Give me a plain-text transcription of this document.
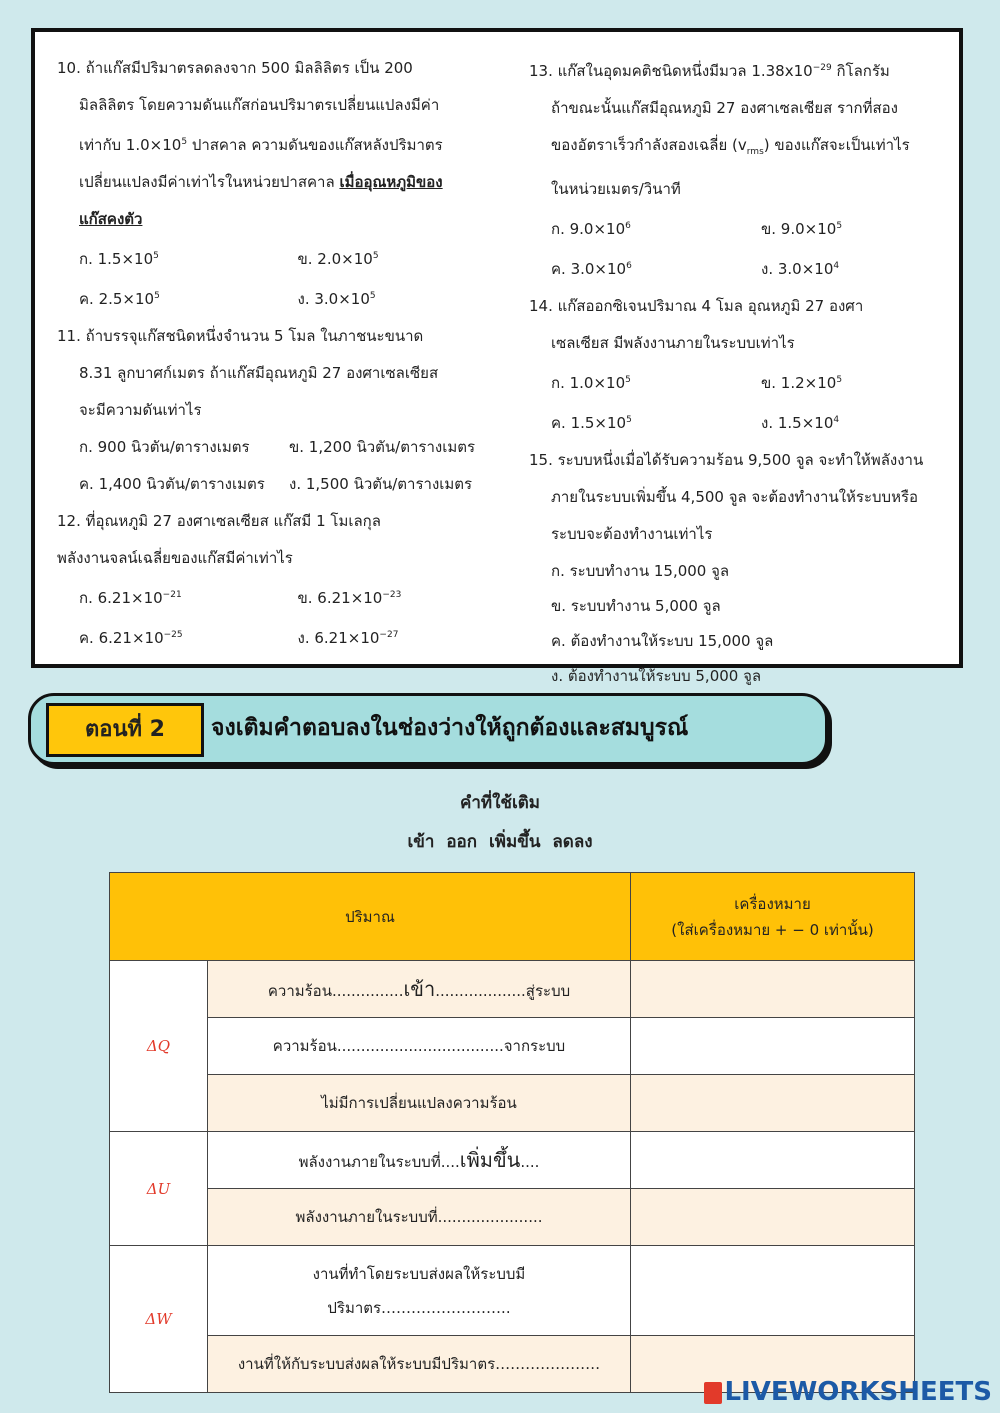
10. ถ้าแก๊สมีปริมาตรลดลงจาก 500 มิลลิลิตร เป็น 200
มิลลิลิตร โดยความดันแก๊สก่อนปริมาตรเปลี่ยนแปลงมีค่า
เท่ากับ $1.0\times 10^5$ ปาสคาล ความดันของแก๊สหลังปริมาตร
เปลี่ยนแปลงมีค่าเท่าไรในหน่วยปาสคาล เมื่ออุณหภูมิของ
แก๊สคงตัว
ก. $1.5\times 10^5$	ข. $2.0\times 10^5$
ค. $2.5\times 10^5$	ง. $3.0\times 10^5$
11. ถ้าบรรจุแก๊สชนิดหนึ่งจำนวน 5 โมล ในภาชนะขนาด
8.31 ลูกบาศก์เมตร ถ้าแก๊สมีอุณหภูมิ 27 องศาเซลเซียส
จะมีความดันเท่าไร
ก. 900 นิวตัน/ตารางเมตร	ข. 1,200 นิวตัน/ตารางเมตร
ค. 1,400 นิวตัน/ตารางเมตร	ง. 1,500 นิวตัน/ตารางเมตร
12. ที่อุณหภูมิ 27 องศาเซลเซียส แก๊สมี 1 โมเลกุล
พลังงานจลน์เฉลี่ยของแก๊สมีค่าเท่าไร
ก. $6.21\times 10^{-21}$	ข. $6.21\times 10^{-23}$
ค. $6.21\times 10^{-25}$	ง. $6.21\times 10^{-27}$
13. แก๊สในอุดมคติชนิดหนึ่งมีมวล $1.38x10^{-29}$ กิโลกรัม
ถ้าขณะนั้นแก๊สมีอุณหภูมิ 27 องศาเซลเซียส รากที่สอง
ของอัตราเร็วกำลังสองเฉลี่ย $(v_{rms})$ ของแก๊สจะเป็นเท่าไร
ในหน่วยเมตร/วินาที
ก. $9.0\times 10^6$	ข. $9.0\times 10^5$
ค. $3.0\times 10^6$	ง. $3.0\times 10^4$
14. แก๊สออกซิเจนปริมาณ 4 โมล อุณหภูมิ 27 องศา
เซลเซียส มีพลังงานภายในระบบเท่าไร
ก. $1.0\times 10^5$	ข. $1.2\times 10^5$
ค. $1.5\times 10^5$	ง. $1.5\times 10^4$
15. ระบบหนึ่งเมื่อได้รับความร้อน 9,500 จูล จะทำให้พลังงาน
ภายในระบบเพิ่มขึ้น 4,500 จูล จะต้องทำงานให้ระบบหรือ
ระบบจะต้องทำงานเท่าไร
ก. ระบบทำงาน 15,000 จูล
ข. ระบบทำงาน 5,000 จูล
ค. ต้องทำงานให้ระบบ 15,000 จูล
ง. ต้องทำงานให้ระบบ 5,000 จูล
ตอนที่ 2	จงเติมคำตอบลงในช่องว่างให้ถูกต้องและสมบูรณ์
คำที่ใช้เติม
เข้า ออก เพิ่มขึ้น ลดลง
ปริมาณ		เครื่องหมาย
(ใส่เครื่องหมาย + − 0 เท่านั้น)

ΔQ	ความร้อน...............เข้า...................สู่ระบบ	
	ความร้อน...................................จากระบบ	
	ไม่มีการเปลี่ยนแปลงความร้อน	
ΔU	พลังงานภายในระบบที่....เพิ่มขึ้น....	
	พลังงานภายในระบบที่......................	
ΔW	งานที่ทำโดยระบบส่งผลให้ระบบมี
ปริมาตร……………………..	

	งานที่ให้กับระบบส่งผลให้ระบบมีปริมาตร…………………	
LIVEWORKSHEETS
